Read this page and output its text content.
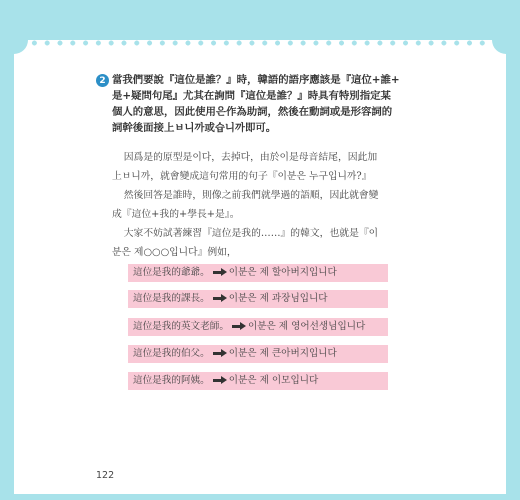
2 當我們要說『這位是誰？』時，韓語的語序應該是『這位+誰+
是+疑問句尾』尤其在詢問『這位是誰？』時具有特別指定某
個人的意思，因此使用은作為助詞，然後在動詞或是形容詞的
詞幹後面接上ㅂ니까或습니까即可。
因爲是的原型是이다，去掉다，由於이是母音結尾，因此加
上ㅂ니까，就會變成這句常用的句子『이분은 누구입니까?』
然後回答是誰時，則像之前我們就學過的語順，因此就會變
成『這位+我的+學長+是』。
大家不妨試著練習『這位是我的……』的韓文，也就是『이
분은 제○○○입니다』例如，
這位是我的爺爺。 이분은 제 할아버지입니다
這位是我的課長。 이분은 제 과장님입니다
這位是我的英文老師。 이분은 제 영어선생님입니다
這位是我的伯父。 이분은 제 큰아버지입니다
這位是我的阿姨。 이분은 제 이모입니다
122
